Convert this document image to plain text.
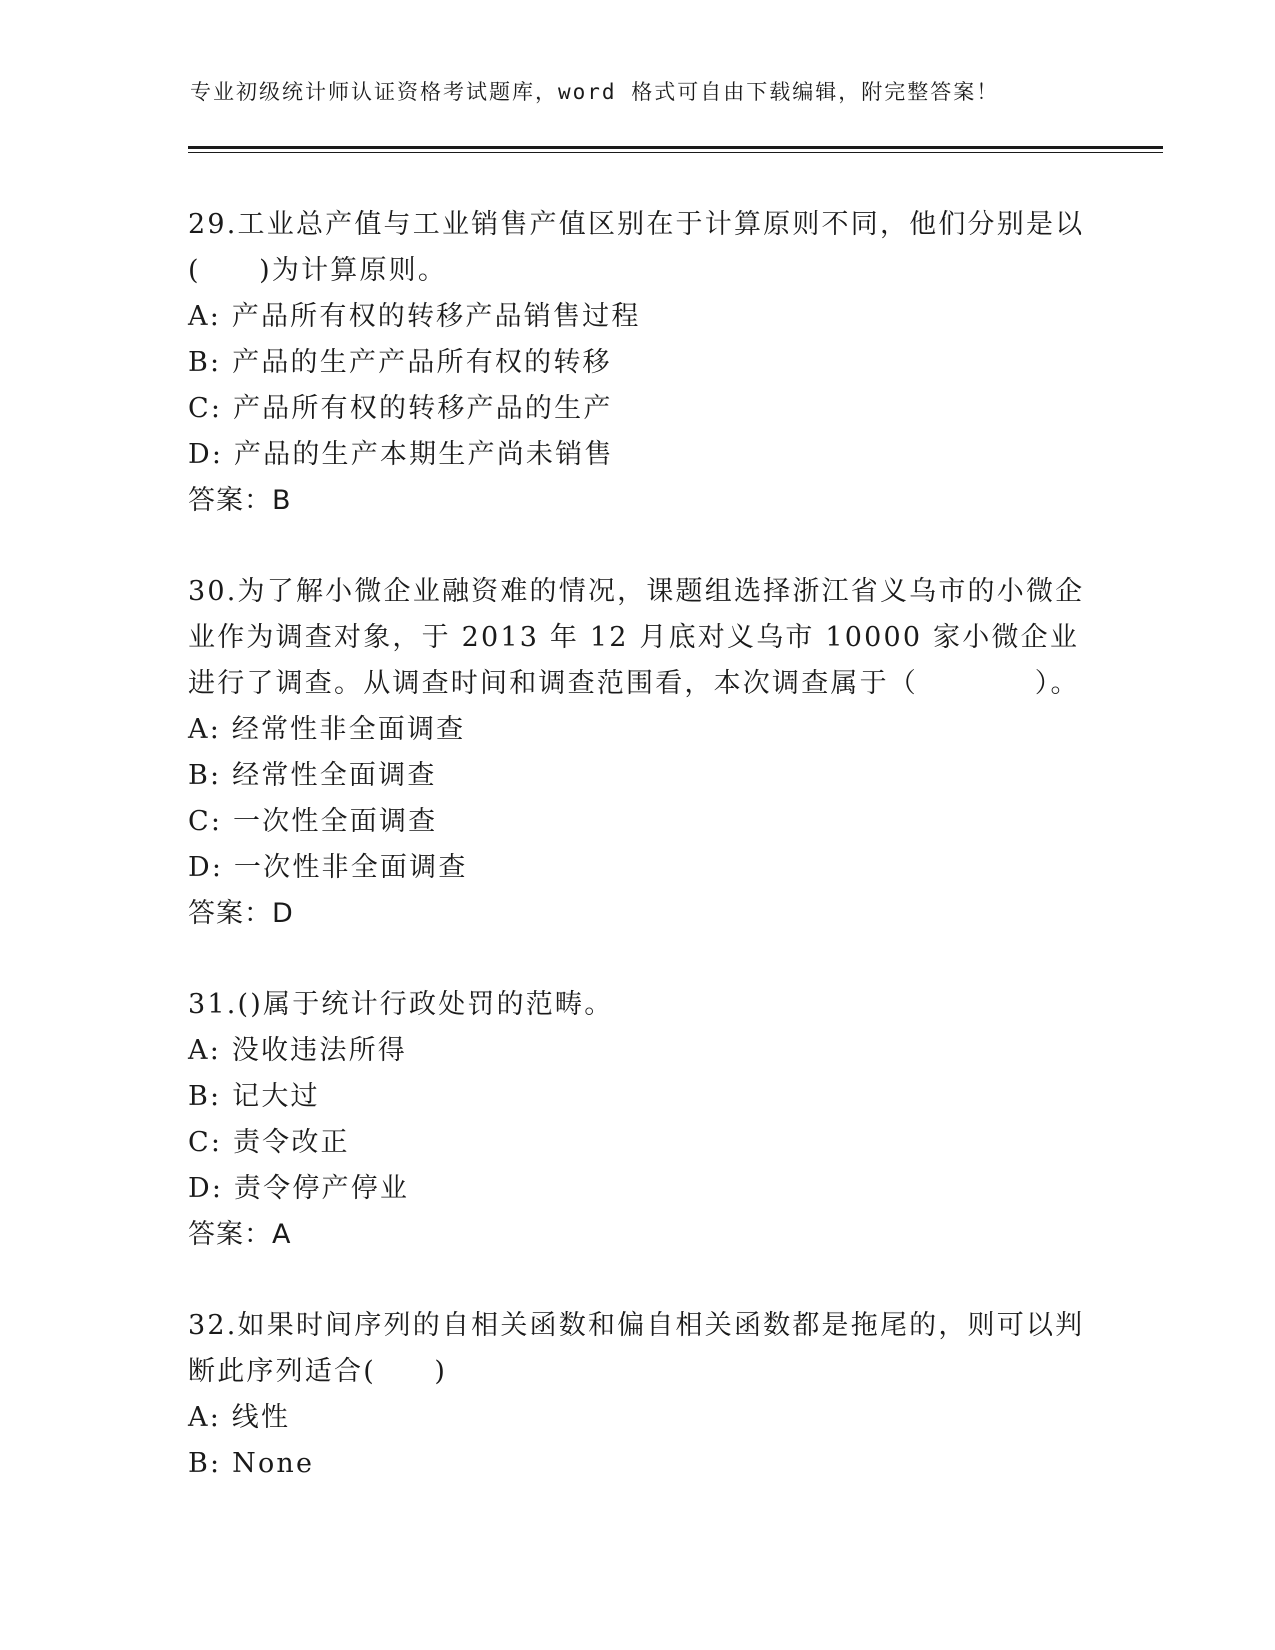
专业初级统计师认证资格考试题库，word 格式可自由下载编辑，附完整答案！

29.工业总产值与工业销售产值区别在于计算原则不同，他们分别是以(　　)为计算原则。

A: 产品所有权的转移产品销售过程

B: 产品的生产产品所有权的转移

C: 产品所有权的转移产品的生产

D: 产品的生产本期生产尚未销售

答案：B

30.为了解小微企业融资难的情况，课题组选择浙江省义乌市的小微企业作为调查对象，于 2013 年 12 月底对义乌市 10000 家小微企业进行了调查。从调查时间和调查范围看，本次调查属于（　　　　）。

A: 经常性非全面调查

B: 经常性全面调查

C: 一次性全面调查

D: 一次性非全面调查

答案：D

31.()属于统计行政处罚的范畴。

A: 没收违法所得

B: 记大过

C: 责令改正

D: 责令停产停业

答案：A

32.如果时间序列的自相关函数和偏自相关函数都是拖尾的，则可以判断此序列适合(　　)

A: 线性

B: None
